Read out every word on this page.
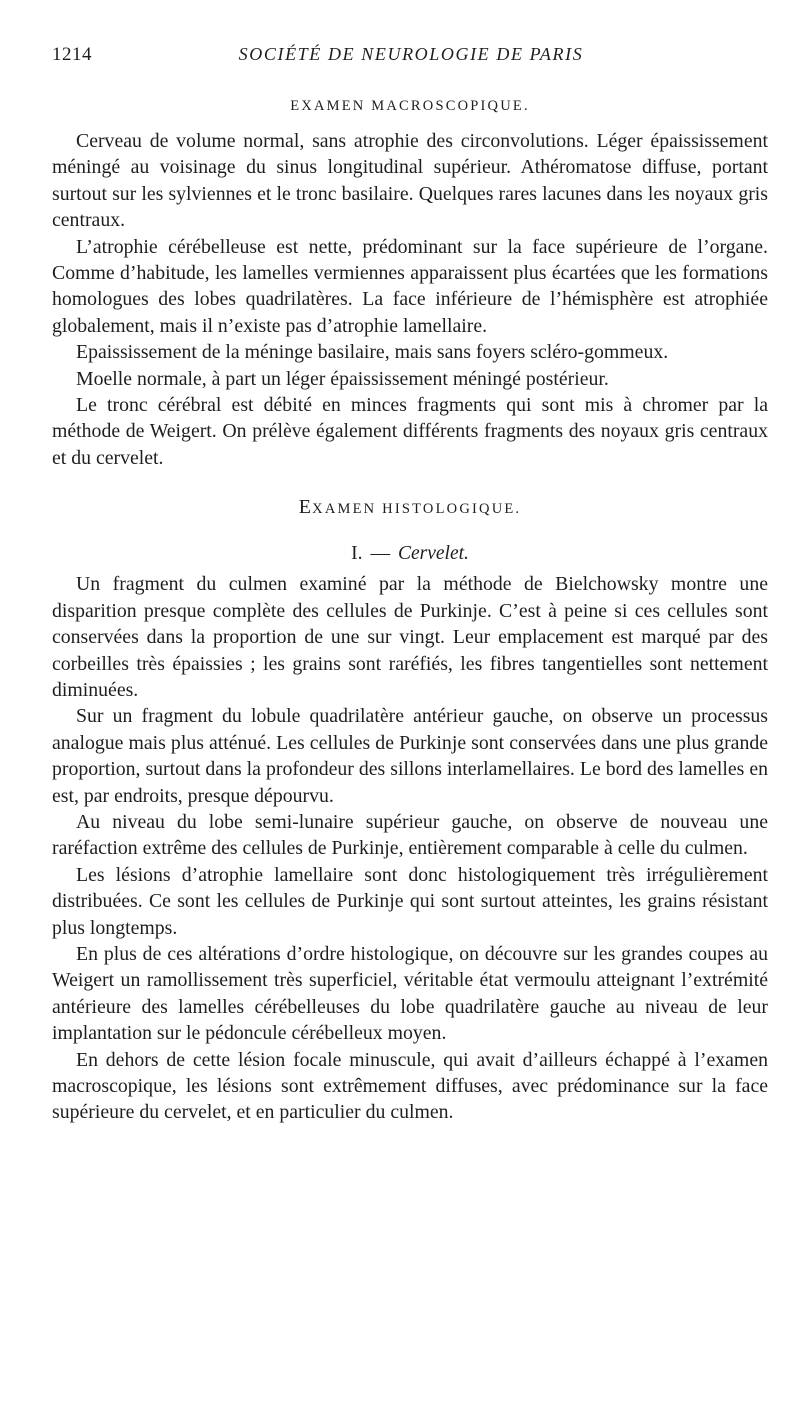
1214	SOCIÉTÉ DE NEUROLOGIE DE PARIS
EXAMEN MACROSCOPIQUE.

Cerveau de volume normal, sans atrophie des circonvolutions. Léger épaississement méningé au voisinage du sinus longitudinal supérieur. Athéromatose diffuse, portant surtout sur les sylviennes et le tronc basilaire. Quelques rares lacunes dans les noyaux gris centraux.

L’atrophie cérébelleuse est nette, prédominant sur la face supérieure de l’organe. Comme d’habitude, les lamelles vermiennes apparaissent plus écartées que les formations homologues des lobes quadrilatères. La face inférieure de l’hémisphère est atrophiée globalement, mais il n’existe pas d’atrophie lamellaire.

Epaississement de la méninge basilaire, mais sans foyers scléro-gommeux.

Moelle normale, à part un léger épaississement méningé postérieur.

Le tronc cérébral est débité en minces fragments qui sont mis à chromer par la méthode de Weigert. On prélève également différents fragments des noyaux gris centraux et du cervelet.

EXAMEN HISTOLOGIQUE.
I. — Cervelet.

Un fragment du culmen examiné par la méthode de Bielchowsky montre une disparition presque complète des cellules de Purkinje. C’est à peine si ces cellules sont conservées dans la proportion de une sur vingt. Leur emplacement est marqué par des corbeilles très épaissies ; les grains sont raréfiés, les fibres tangentielles sont nettement diminuées.

Sur un fragment du lobule quadrilatère antérieur gauche, on observe un processus analogue mais plus atténué. Les cellules de Purkinje sont conservées dans une plus grande proportion, surtout dans la profondeur des sillons interlamellaires. Le bord des lamelles en est, par endroits, presque dépourvu.

Au niveau du lobe semi-lunaire supérieur gauche, on observe de nouveau une raréfaction extrême des cellules de Purkinje, entièrement comparable à celle du culmen.

Les lésions d’atrophie lamellaire sont donc histologiquement très irrégulièrement distribuées. Ce sont les cellules de Purkinje qui sont surtout atteintes, les grains résistant plus longtemps.

En plus de ces altérations d’ordre histologique, on découvre sur les grandes coupes au Weigert un ramollissement très superficiel, véritable état vermoulu atteignant l’extrémité antérieure des lamelles cérébelleuses du lobe quadrilatère gauche au niveau de leur implantation sur le pédoncule cérébelleux moyen.

En dehors de cette lésion focale minuscule, qui avait d’ailleurs échappé à l’examen macroscopique, les lésions sont extrêmement diffuses, avec prédominance sur la face supérieure du cervelet, et en particulier du culmen.
